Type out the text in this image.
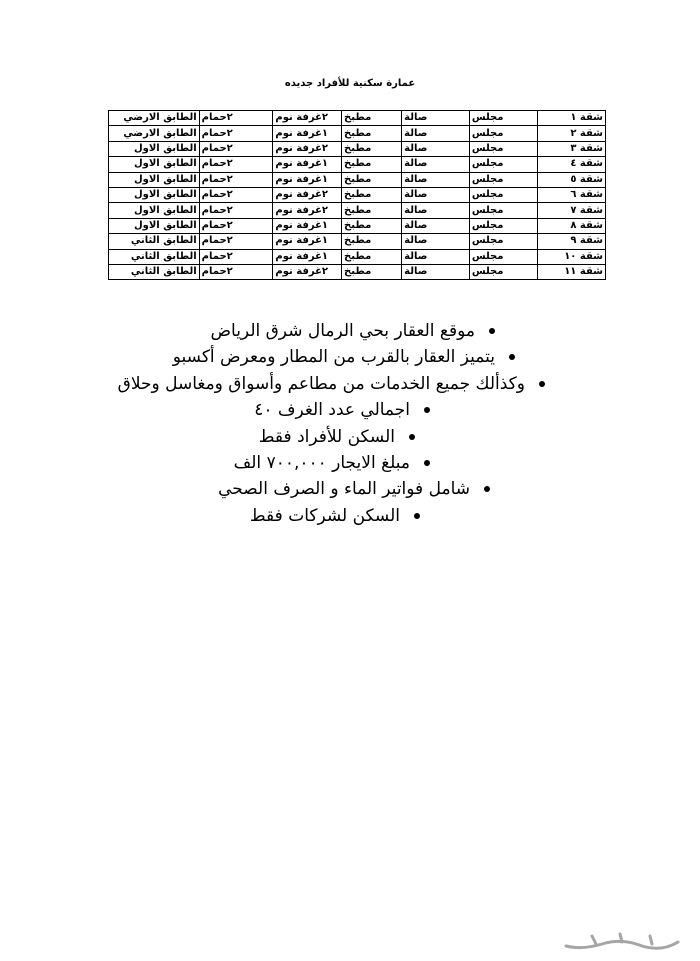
عمارة سكنية للأفراد جديده
شقة ١	مجلس	صالة	مطبخ	٢غرفة نوم	٢حمام	الطابق الارضي
شقة ٢	مجلس	صالة	مطبخ	١غرفة نوم	٢حمام	الطابق الارضي
شقة ٣	مجلس	صالة	مطبخ	٢غرفة نوم	٢حمام	الطابق الاول
شقة ٤	مجلس	صالة	مطبخ	١غرفة نوم	٢حمام	الطابق الاول
شقة ٥	مجلس	صالة	مطبخ	١غرفة نوم	٢حمام	الطابق الاول
شقة ٦	مجلس	صالة	مطبخ	٢غرفة نوم	٢حمام	الطابق الاول
شقة ٧	مجلس	صالة	مطبخ	٢غرفة نوم	٢حمام	الطابق الاول
شقة ٨	مجلس	صالة	مطبخ	١غرفة نوم	٢حمام	الطابق الاول
شقة ٩	مجلس	صالة	مطبخ	١غرفة نوم	٢حمام	الطابق الثاني
شقة ١٠	مجلس	صالة	مطبخ	١غرفة نوم	٢حمام	الطابق الثاني
شقة ١١	مجلس	صالة	مطبخ	٢غرفة نوم	٢حمام	الطابق الثاني
موقع العقار بحي الرمال شرق الرياض
يتميز العقار بالقرب من المطار ومعرض أكسبو
وكذألك جميع الخدمات من مطاعم وأسواق ومغاسل وحلاق
اجمالي عدد الغرف ٤٠
السكن للأفراد فقط
مبلغ الايجار ٧٠٠,٠٠٠ الف
شامل فواتير الماء و الصرف الصحي
السكن لشركات فقط
